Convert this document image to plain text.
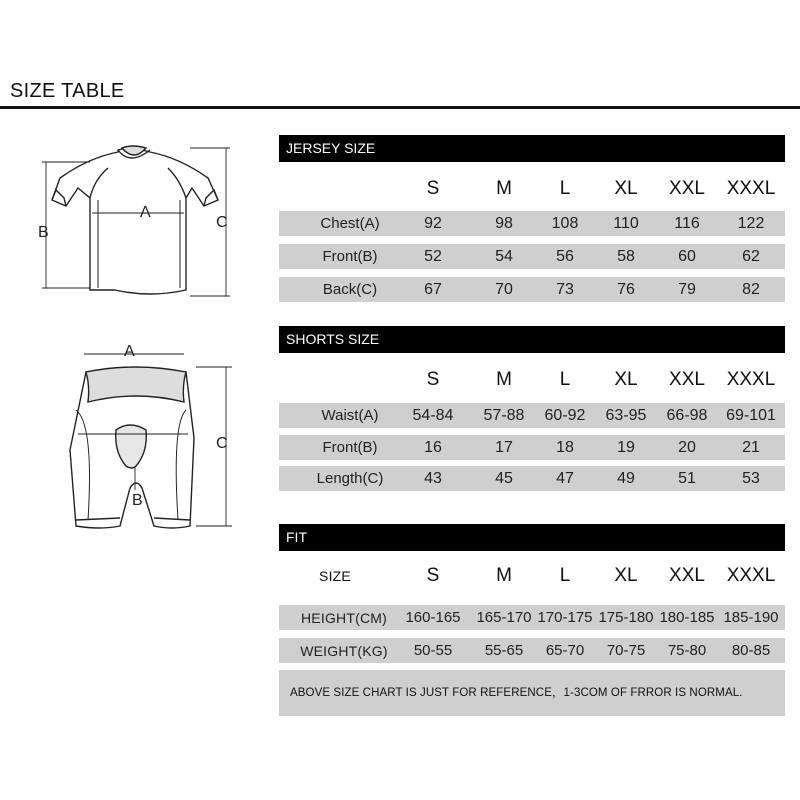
SIZE TABLE
B
A
C
A
B
C
JERSEY SIZE
S	M	L	XL	XXL	XXXL
Chest(A)	92	98	108	110	116	122
Front(B)	52	54	56	58	60	62
Back(C)	67	70	73	76	79	82
SHORTS SIZE
S	M	L	XL	XXL	XXXL
Waist(A)	54-84	57-88	60-92	63-95	66-98	69-101
Front(B)	16	17	18	19	20	21
Length(C)	43	45	47	49	51	53
FIT
SIZE	S	M	L	XL	XXL	XXXL
HEIGHT(CM)	160-165 165-170 170-175 175-180 180-185 185-190
WEIGHT(KG)	50-55	55-65	65-70	70-75	75-80	80-85
ABOVE SIZE CHART IS JUST FOR REFERENCE，1-3COM OF FRROR IS NORMAL.
